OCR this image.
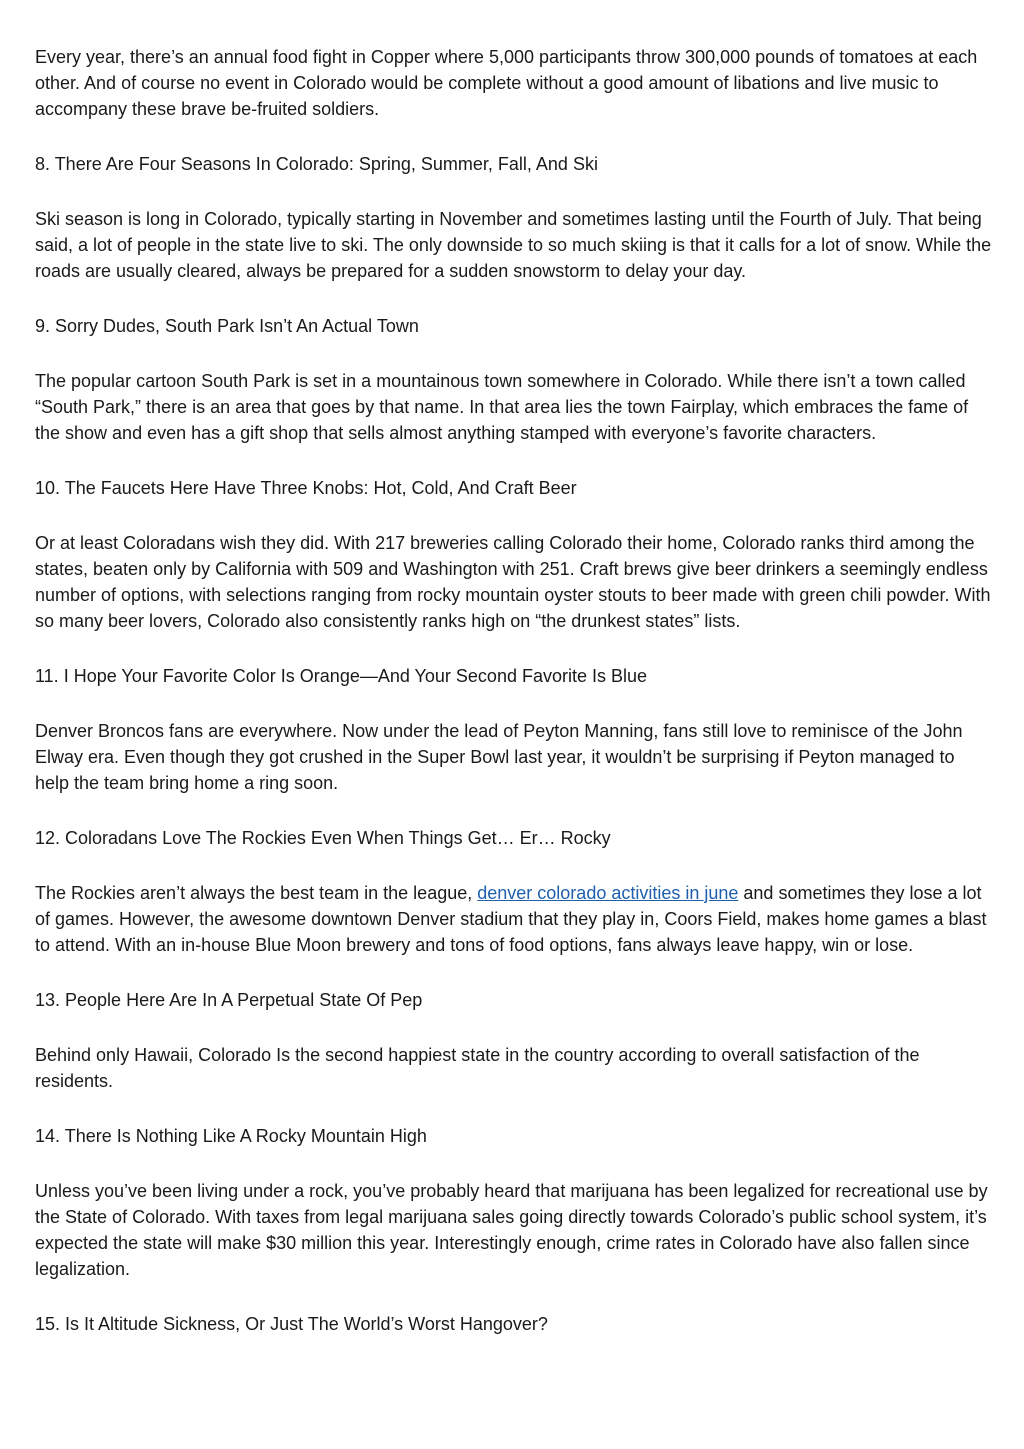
Every year, there’s an annual food fight in Copper where 5,000 participants throw 300,000 pounds of tomatoes at each other. And of course no event in Colorado would be complete without a good amount of libations and live music to accompany these brave be-fruited soldiers.

8. There Are Four Seasons In Colorado: Spring, Summer, Fall, And Ski

Ski season is long in Colorado, typically starting in November and sometimes lasting until the Fourth of July. That being said, a lot of people in the state live to ski. The only downside to so much skiing is that it calls for a lot of snow. While the roads are usually cleared, always be prepared for a sudden snowstorm to delay your day.

9. Sorry Dudes, South Park Isn’t An Actual Town

The popular cartoon South Park is set in a mountainous town somewhere in Colorado. While there isn’t a town called “South Park,” there is an area that goes by that name. In that area lies the town Fairplay, which embraces the fame of the show and even has a gift shop that sells almost anything stamped with everyone’s favorite characters.

10. The Faucets Here Have Three Knobs: Hot, Cold, And Craft Beer

Or at least Coloradans wish they did. With 217 breweries calling Colorado their home, Colorado ranks third among the states, beaten only by California with 509 and Washington with 251. Craft brews give beer drinkers a seemingly endless number of options, with selections ranging from rocky mountain oyster stouts to beer made with green chili powder. With so many beer lovers, Colorado also consistently ranks high on “the drunkest states” lists.

11. I Hope Your Favorite Color Is Orange—And Your Second Favorite Is Blue

Denver Broncos fans are everywhere. Now under the lead of Peyton Manning, fans still love to reminisce of the John Elway era. Even though they got crushed in the Super Bowl last year, it wouldn’t be surprising if Peyton managed to help the team bring home a ring soon.

12. Coloradans Love The Rockies Even When Things Get… Er… Rocky

The Rockies aren’t always the best team in the league, denver colorado activities in june and sometimes they lose a lot of games. However, the awesome downtown Denver stadium that they play in, Coors Field, makes home games a blast to attend. With an in-house Blue Moon brewery and tons of food options, fans always leave happy, win or lose.

13. People Here Are In A Perpetual State Of Pep

Behind only Hawaii, Colorado Is the second happiest state in the country according to overall satisfaction of the residents.

14. There Is Nothing Like A Rocky Mountain High

Unless you’ve been living under a rock, you’ve probably heard that marijuana has been legalized for recreational use by the State of Colorado. With taxes from legal marijuana sales going directly towards Colorado’s public school system, it’s expected the state will make $30 million this year. Interestingly enough, crime rates in Colorado have also fallen since legalization.

15. Is It Altitude Sickness, Or Just The World’s Worst Hangover?
